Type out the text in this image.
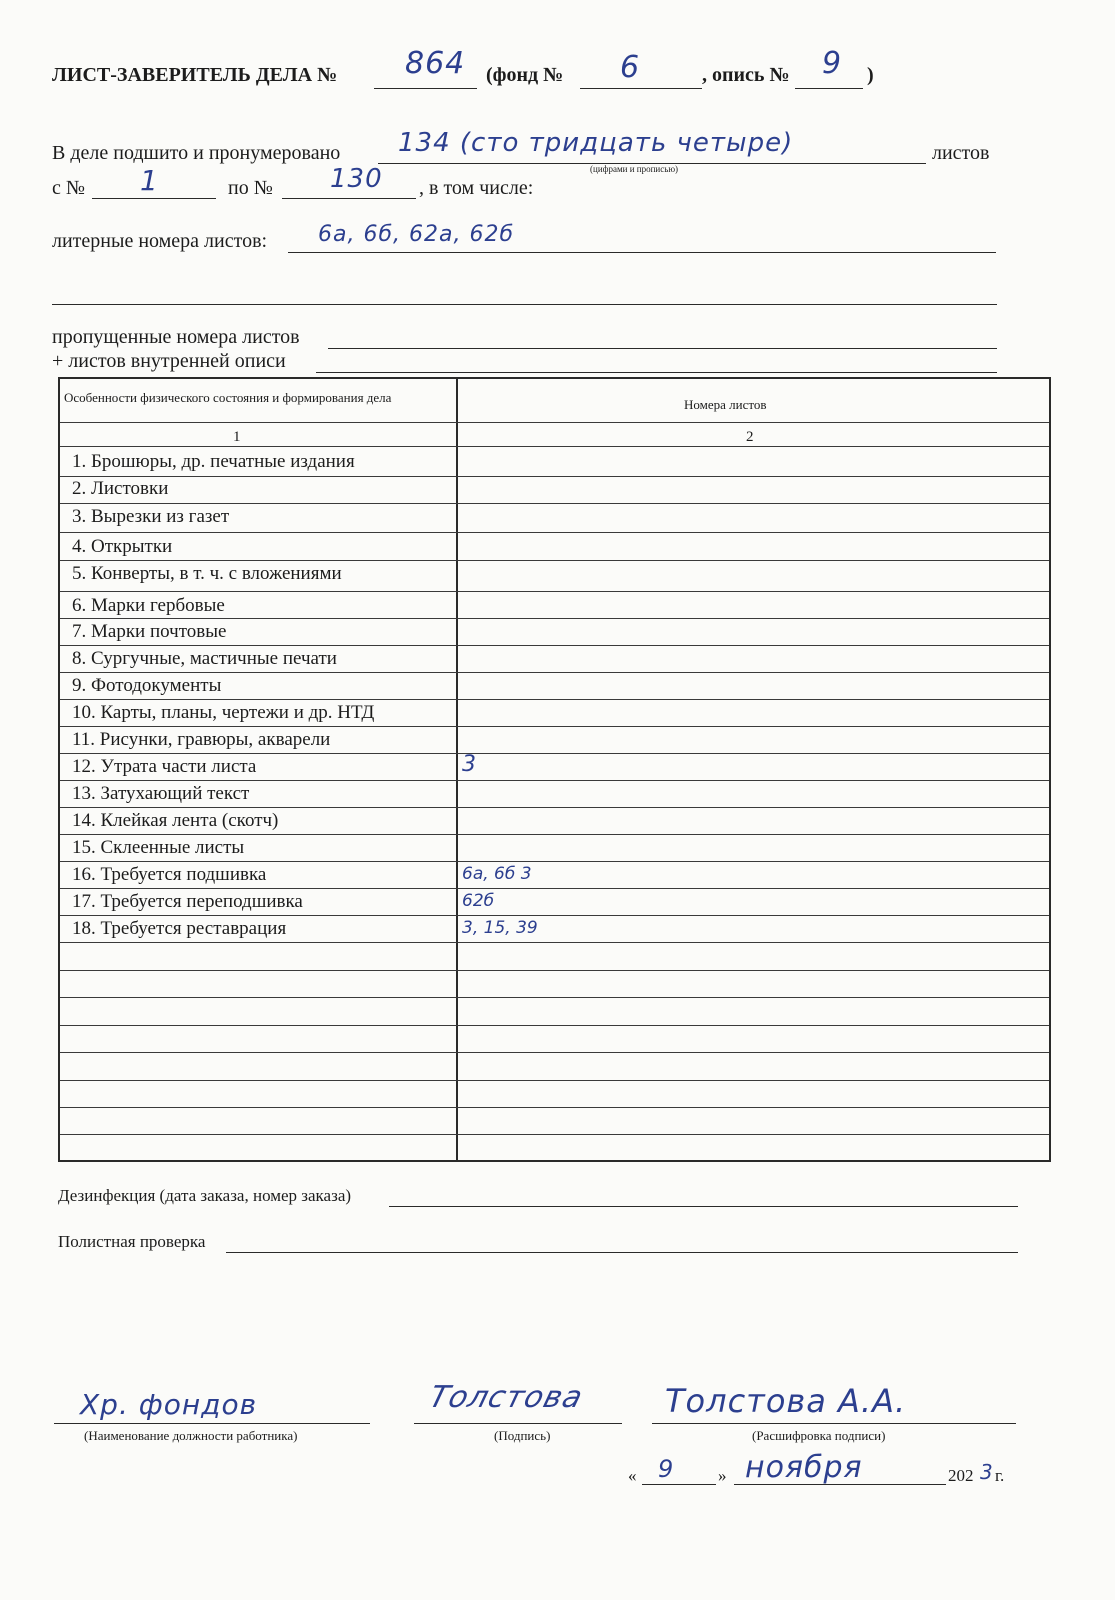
ЛИСТ-ЗАВЕРИТЕЛЬ ДЕЛА № 864 (фонд № 6	, опись № 9 )
В деле подшито и пронумеровано 134 (сто тридцать четыре)
(цифрами и прописью)
листов
с № 1	по № 130 , в том числе:
литерные номера листов: 6а, 6б, 62а, 62б
пропущенные номера листов
+ листов внутренней описи
Особенности физического состояния и формирования дела	Номера листов
1	2
1. Брошюры, др. печатные издания
2. Листовки
3. Вырезки из газет
4. Открытки
5. Конверты, в т. ч. с вложениями
6. Марки гербовые
7. Марки почтовые
8. Сургучные, мастичные печати
9. Фотодокументы
10. Карты, планы, чертежи и др. НТД
11. Рисунки, гравюры, акварели
12. Утрата части листа	3
13. Затухающий текст
14. Клейкая лента (скотч)
15. Склеенные листы
16. Требуется подшивка	6а, 6б 3
17. Требуется переподшивка	62б
18. Требуется реставрация	3, 15, 39
Дезинфекция (дата заказа, номер заказа)
Полистная проверка
Хр. фондов
(Наименование должности работника)
Толстова
(Подпись)
Толстова А.А.
(Расшифровка подписи)
« 9	» ноября	202 3 г.
